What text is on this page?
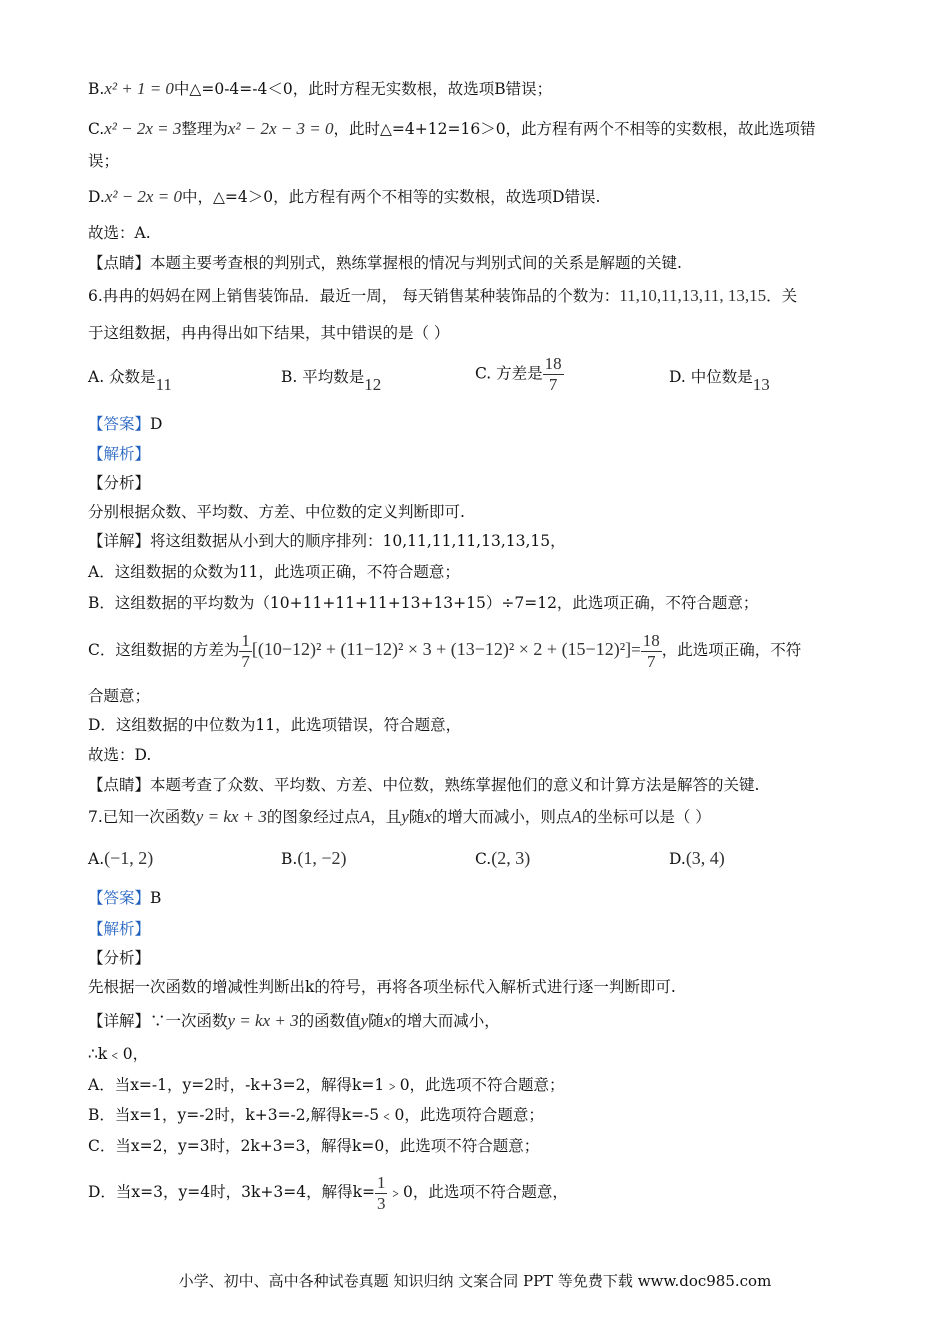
B.x² + 1 = 0中△=0-4=-4＜0，此时方程无实数根，故选项B错误；
C.x² − 2x = 3整理为x² − 2x − 3 = 0，此时△=4+12=16＞0，此方程有两个不相等的实数根，故此选项错
误；
D.x² − 2x = 0中，△=4＞0，此方程有两个不相等的实数根，故选项D错误.
故选：A.
【点睛】本题主要考查根的判别式，熟练掌握根的情况与判别式间的关系是解题的关键.
6.冉冉的妈妈在网上销售装饰品．最近一周， 每天销售某种装饰品的个数为：11,10,11,13,11, 13,15．关
于这组数据，冉冉得出如下结果，其中错误的是（ ）
A. 众数是11	B. 平均数是12
C. 方差是 $\frac{18}{7}$	D. 中位数是13
【答案】D
【解析】
【分析】
分别根据众数、平均数、方差、中位数的定义判断即可.
【详解】将这组数据从小到大的顺序排列：10,11,11,11,13,13,15，
A．这组数据的众数为11，此选项正确，不符合题意；
B．这组数据的平均数为（10+11+11+11+13+13+15）÷7=12，此选项正确，不符合题意；
C．这组数据的方差为 $\frac{1}{7} [(10-12)^2 + (11-12)^2 \times 3 + (13-12)^2 \times 2 + (15-12)^2]= \frac{18}{7}$ ，此选项正确，不符
合题意；
D．这组数据的中位数为11，此选项错误，符合题意，
故选：D.
【点睛】本题考查了众数、平均数、方差、中位数，熟练掌握他们的意义和计算方法是解答的关键.
7.已知一次函数y = kx + 3的图象经过点A，且y随x的增大而减小，则点A的坐标可以是（ ）
A.(−1, 2)	B.(1, −2)	C.(2, 3)	D.(3, 4)
【答案】B
【解析】
【分析】
先根据一次函数的增减性判断出k的符号，再将各项坐标代入解析式进行逐一判断即可.
【详解】∵一次函数y = kx + 3的函数值y随x的增大而减小，
∴k﹤0，
A．当x=-1，y=2时，-k+3=2，解得k=1﹥0，此选项不符合题意；
B．当x=1，y=-2时，k+3=-2,解得k=-5﹤0，此选项符合题意；
C．当x=2，y=3时，2k+3=3，解得k=0，此选项不符合题意；
D．当x=3，y=4时，3k+3=4，解得$k= \frac{1}{3}$ ﹥0，此选项不符合题意，
小学、初中、高中各种试卷真题 知识归纳 文案合同 PPT 等免费下载 www.doc985.com
